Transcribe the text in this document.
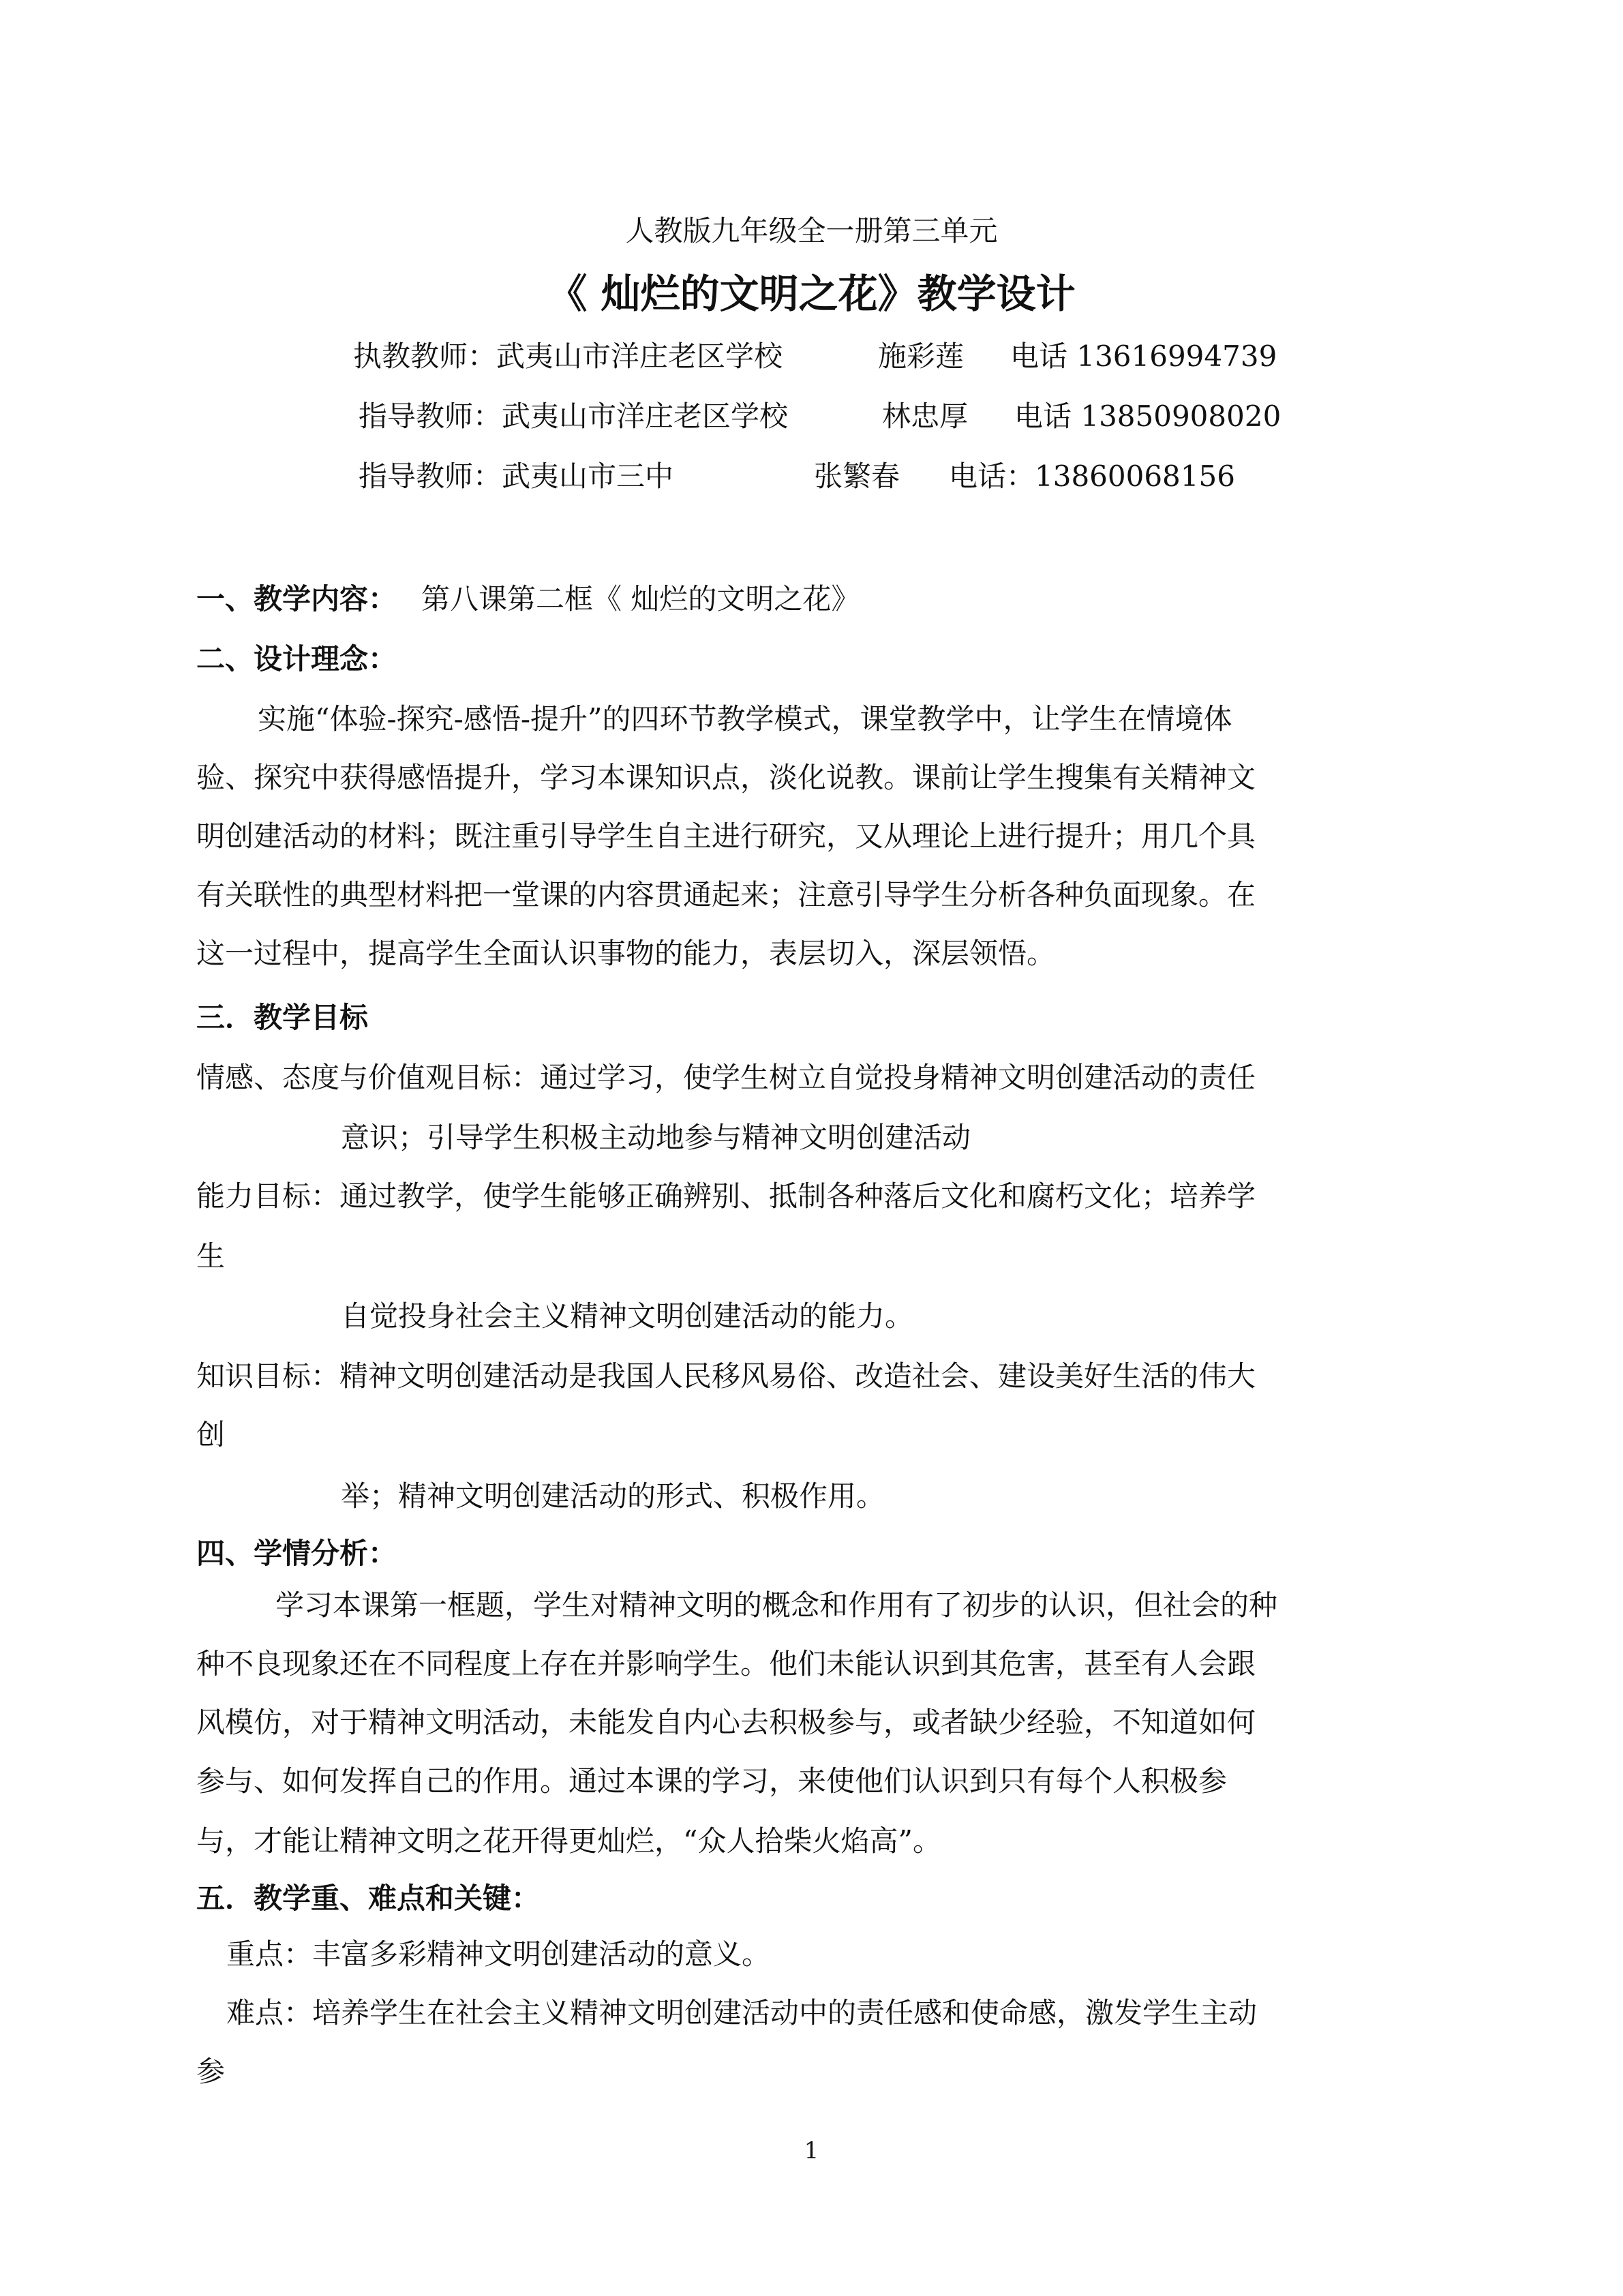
人教版九年级全一册第三单元
《 灿烂的文明之花》教学设计
执教教师： 武夷山市洋庄老区学校	施彩莲 电话 13616994739
指导教师： 武夷山市洋庄老区学校	林忠厚 电话 13850908020
指导教师： 武夷山市三中	张繁春 电话：13860068156
一、教学内容： 第八课第二框《 灿烂的文明之花》
二、设计理念：
实施“体验-探究-感悟-提升”的四环节教学模式，课堂教学中，让学生在情境体
验、探究中获得感悟提升，学习本课知识点，淡化说教。课前让学生搜集有关精神文
明创建活动的材料；既注重引导学生自主进行研究，又从理论上进行提升；用几个具
有关联性的典型材料把一堂课的内容贯通起来；注意引导学生分析各种负面现象。在
这一过程中，提高学生全面认识事物的能力，表层切入，深层领悟。
三．教学目标
情感、态度与价值观目标：通过学习，使学生树立自觉投身精神文明创建活动的责任
意识；引导学生积极主动地参与精神文明创建活动
能力目标：通过教学，使学生能够正确辨别、抵制各种落后文化和腐朽文化；培养学
生
自觉投身社会主义精神文明创建活动的能力。
知识目标：精神文明创建活动是我国人民移风易俗、改造社会、建设美好生活的伟大
创
举；精神文明创建活动的形式、积极作用。
四、学情分析：
学习本课第一框题，学生对精神文明的概念和作用有了初步的认识，但社会的种
种不良现象还在不同程度上存在并影响学生。他们未能认识到其危害，甚至有人会跟
风模仿，对于精神文明活动，未能发自内心去积极参与，或者缺少经验，不知道如何
参与、如何发挥自己的作用。通过本课的学习，来使他们认识到只有每个人积极参
与，才能让精神文明之花开得更灿烂，“众人拾柴火焰高”。
五．教学重、难点和关键：
重点：丰富多彩精神文明创建活动的意义。
难点：培养学生在社会主义精神文明创建活动中的责任感和使命感，激发学生主动
参
1
